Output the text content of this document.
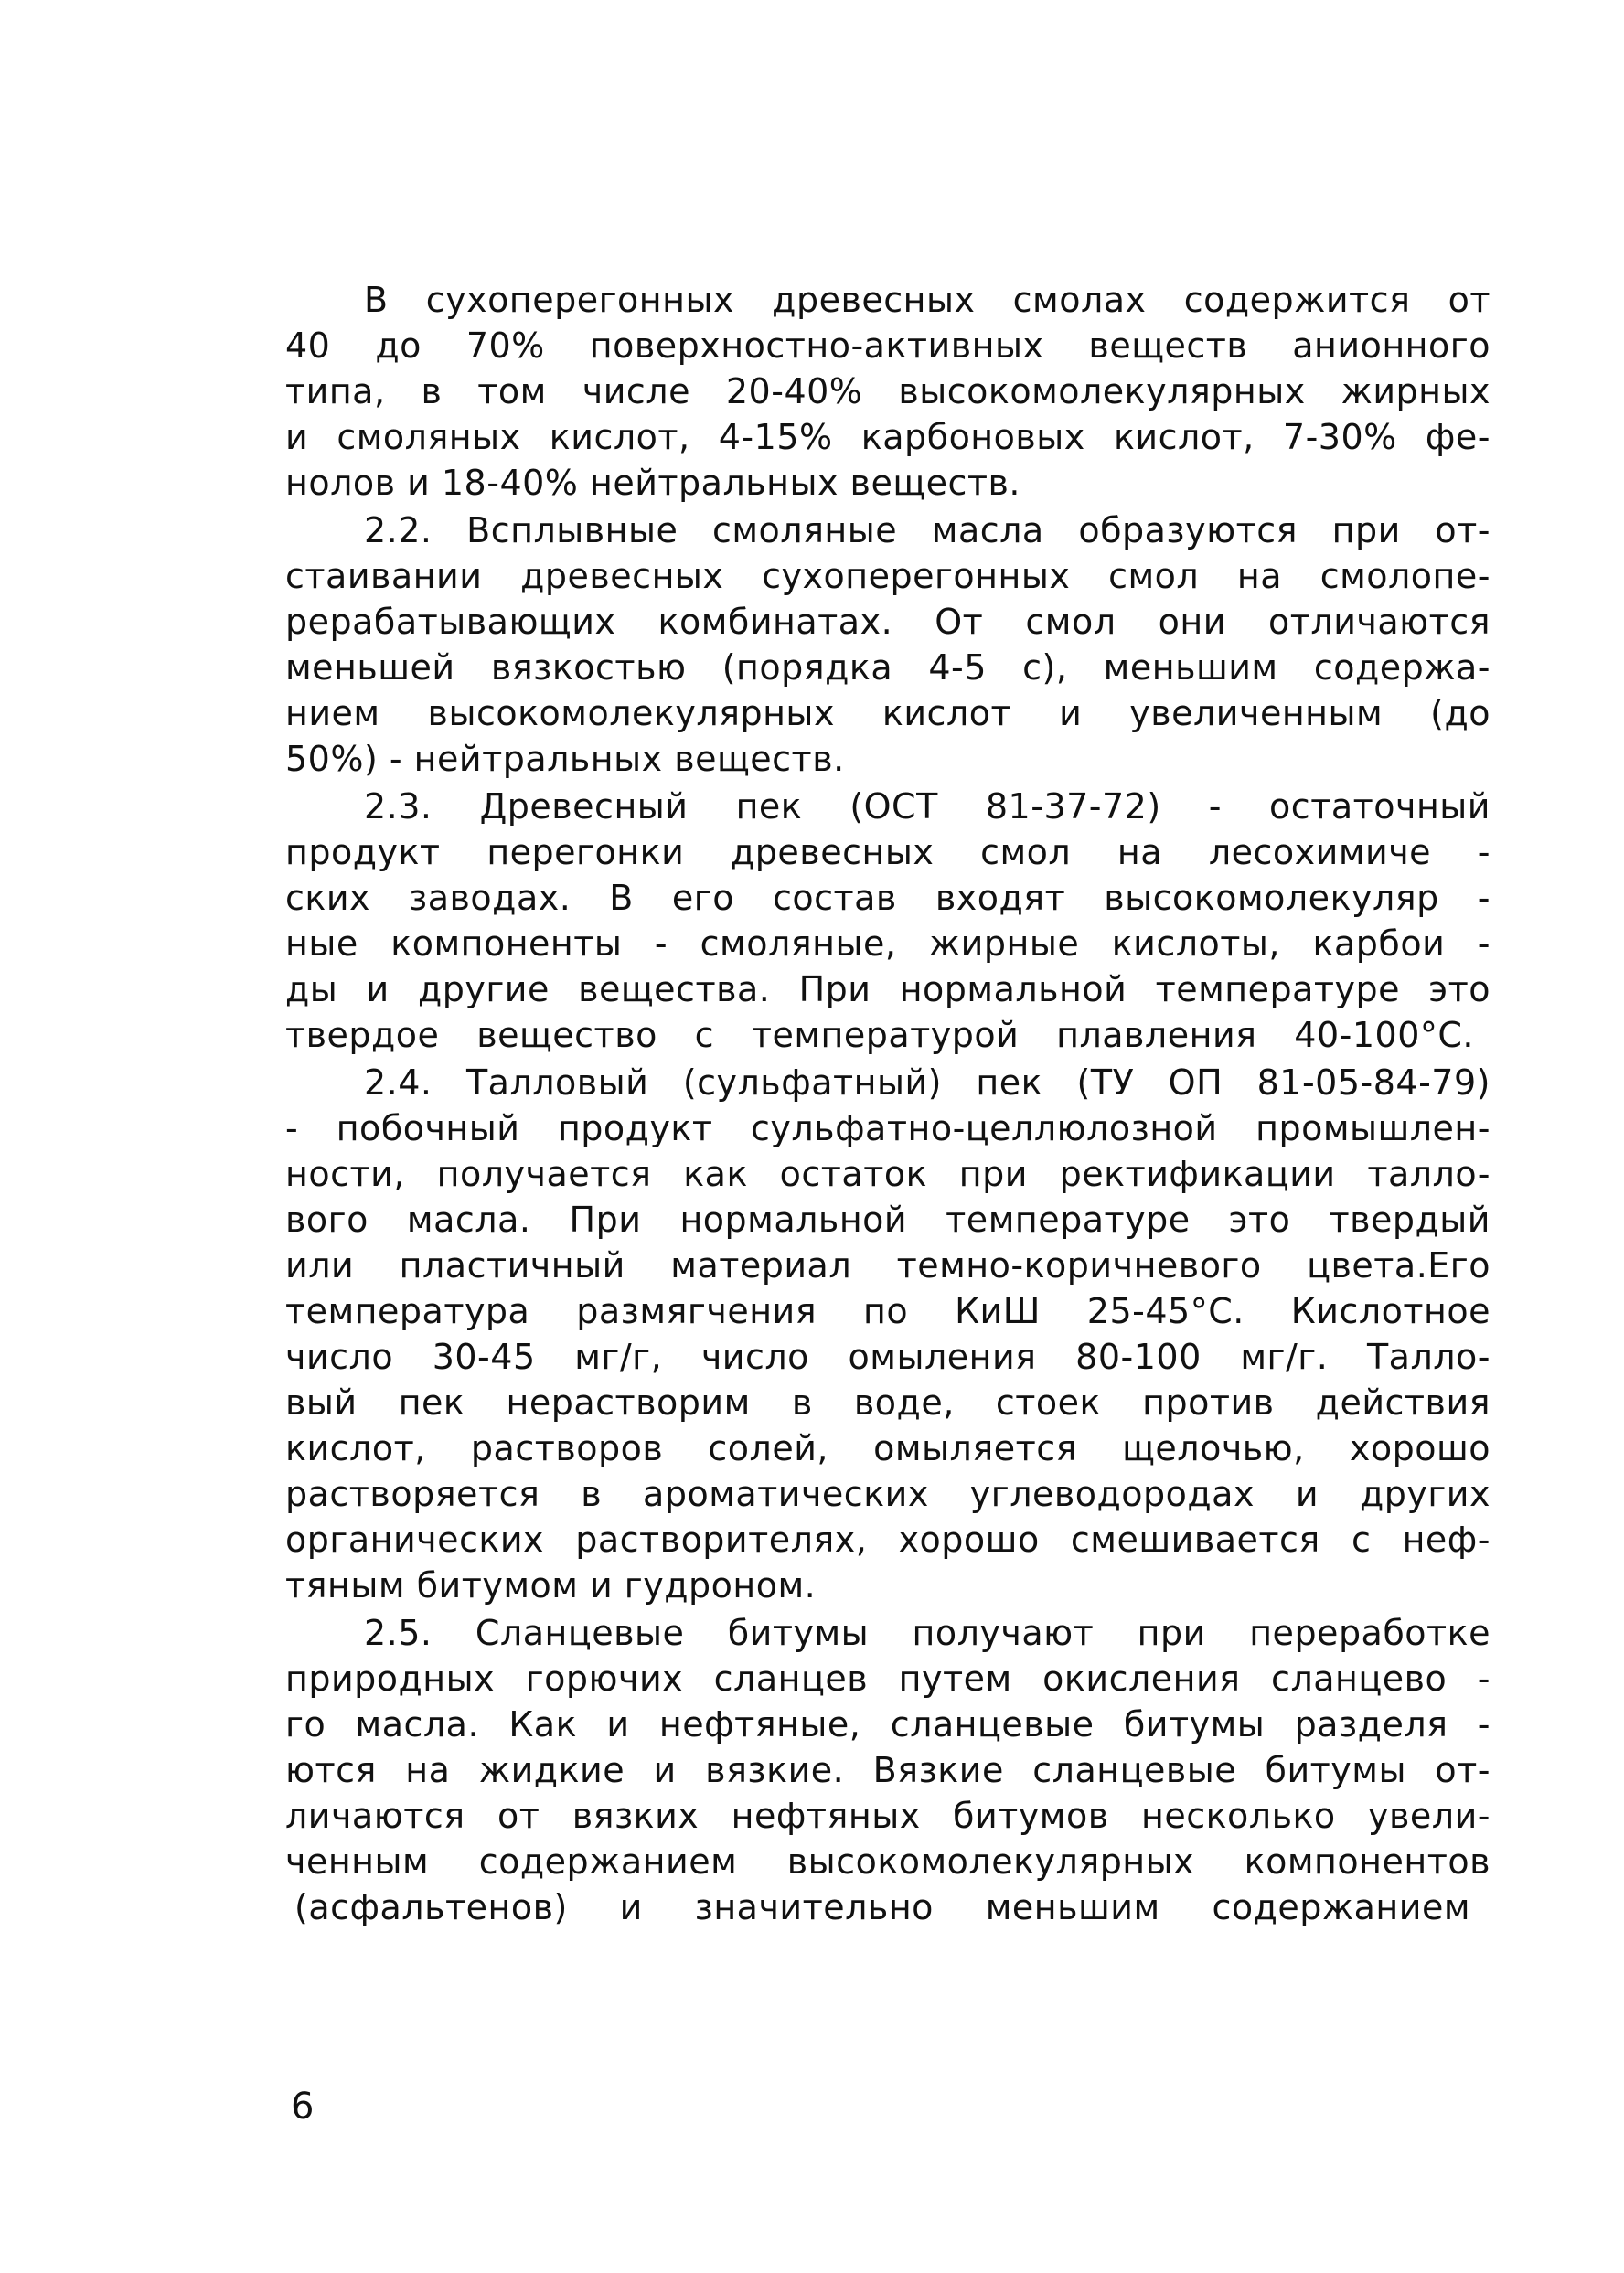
В сухоперегонных древесных смолах содержится от
40 до 70% поверхностно-активных веществ анионного
типа, в том числе 20-40% высокомолекулярных жирных
и смоляных кислот, 4-15% карбоновых кислот, 7-30% фе-
нолов и 18-40% нейтральных веществ.
2.2. Всплывные смоляные масла образуются при от-
стаивании древесных сухоперегонных смол на смолопе-
рерабатывающих комбинатах. От смол они отличаются
меньшей вязкостью (порядка 4-5 с), меньшим содержа-
нием высокомолекулярных кислот и увеличенным (до
50%) - нейтральных веществ.
2.3. Древесный пек (ОСТ 81-37-72) - остаточный
продукт перегонки древесных смол на лесохимиче -
ских заводах. В его состав входят высокомолекуляр -
ные компоненты - смоляные, жирные кислоты, карбои -
ды и другие вещества. При нормальной температуре это
твердое вещество с температурой плавления 40-100°С.
2.4. Талловый (сульфатный) пек (ТУ ОП 81-05-84-79)
- побочный продукт сульфатно-целлюлозной промышлен-
ности, получается как остаток при ректификации таллo-
вого масла. При нормальной температуре это твердый
или пластичный материал темно-коричневого цвета.Его
температура размягчения по КиШ 25-45°С. Кислотное
число 30-45 мг/г, число омыления 80-100 мг/г. Талло-
вый пек нерастворим в воде, стоек против действия
кислот, растворов солей, омыляется щелочью, хорошо
растворяется в ароматических углеводородах и других
органических растворителях, хорошо смешивается с неф-
тяным битумом и гудроном.
2.5. Сланцевые битумы получают при переработке
природных горючих сланцев путем окисления сланцево -
го масла. Как и нефтяные, сланцевые битумы разделя -
ются на жидкие и вязкие. Вязкие сланцевые битумы от-
личаются от вязких нефтяных битумов несколько увели-
ченным содержанием высокомолекулярных компонентов
(асфальтенов) и значительно меньшим содержанием
6
